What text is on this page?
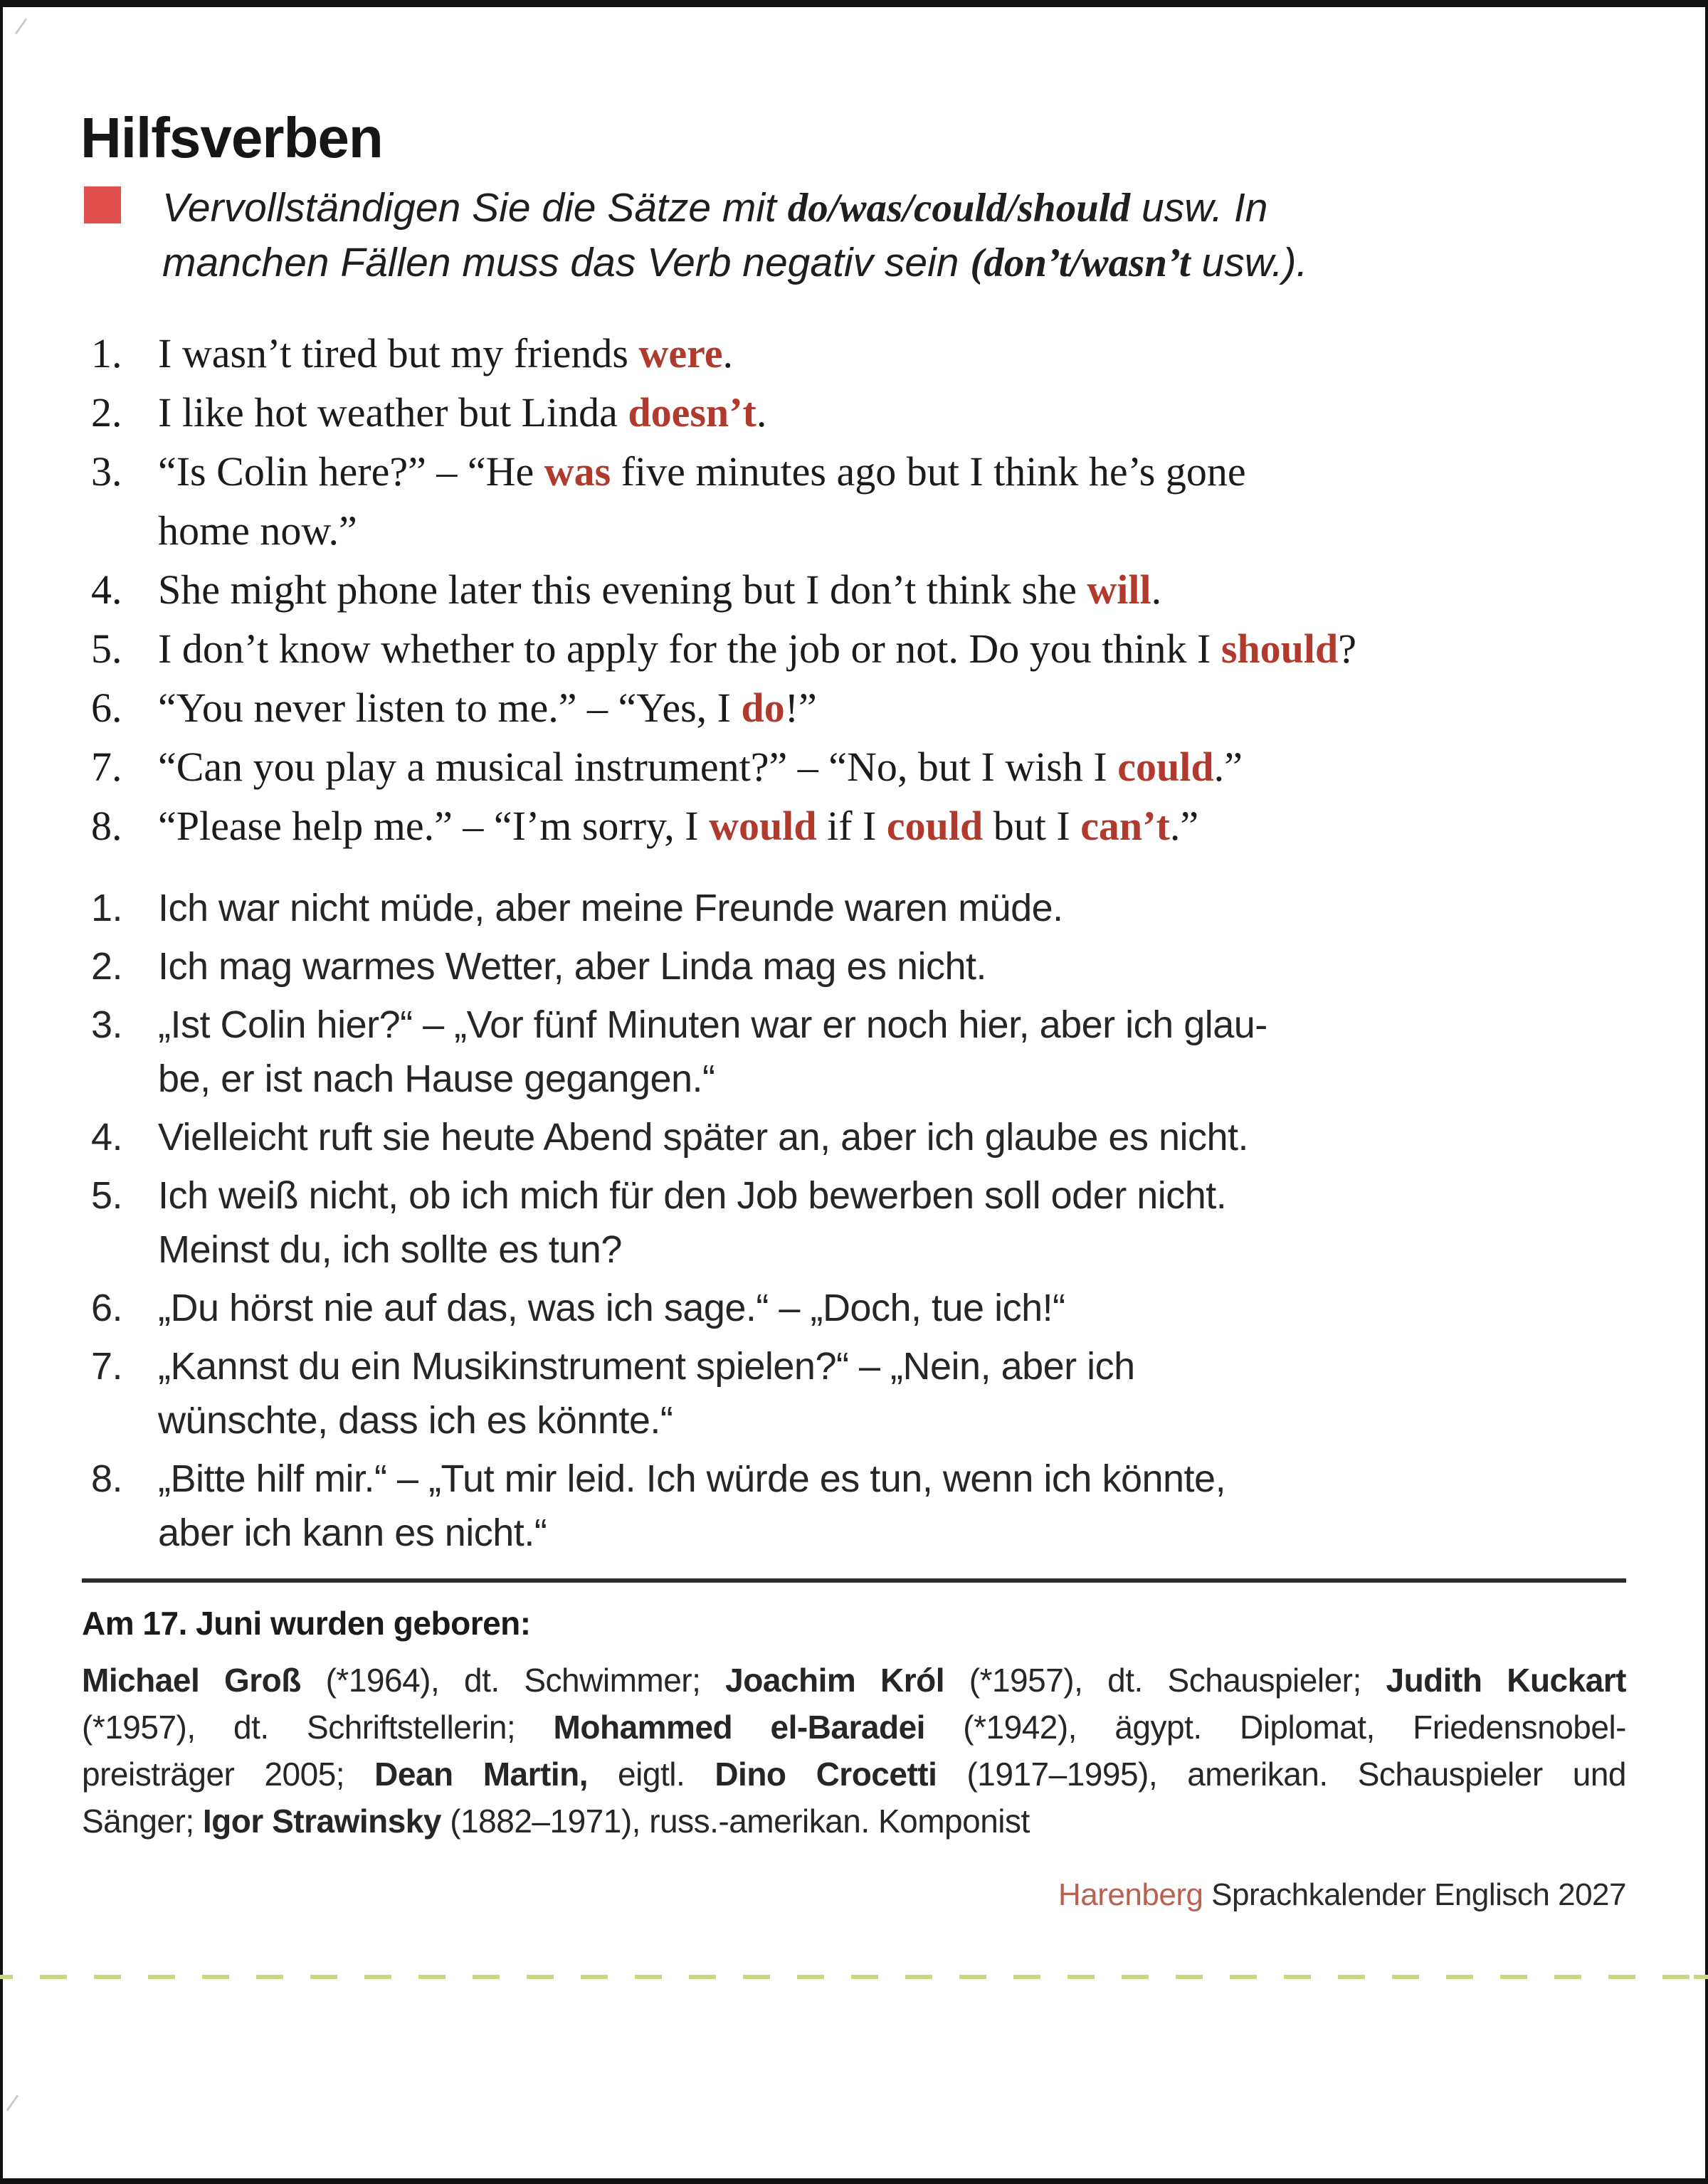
Hilfsverben
Vervollständigen Sie die Sätze mit do/was/could/should usw. In
manchen Fällen muss das Verb negativ sein (don’t/wasn’t usw.).
1. I wasn’t tired but my friends were.
2. I like hot weather but Linda doesn’t.
3. “Is Colin here?” – “He was five minutes ago but I think he’s gone
home now.”
4. She might phone later this evening but I don’t think she will.
5. I don’t know whether to apply for the job or not. Do you think I should?
6. “You never listen to me.” – “Yes, I do!”
7. “Can you play a musical instrument?” – “No, but I wish I could.”
8. “Please help me.” – “I’m sorry, I would if I could but I can’t.”
1. Ich war nicht müde, aber meine Freunde waren müde.
2. Ich mag warmes Wetter, aber Linda mag es nicht.
3. „Ist Colin hier?“ – „Vor fünf Minuten war er noch hier, aber ich glau-
be, er ist nach Hause gegangen.“
4. Vielleicht ruft sie heute Abend später an, aber ich glaube es nicht.
5. Ich weiß nicht, ob ich mich für den Job bewerben soll oder nicht.
Meinst du, ich sollte es tun?
6. „Du hörst nie auf das, was ich sage.“ – „Doch, tue ich!“
7. „Kannst du ein Musikinstrument spielen?“ – „Nein, aber ich
wünschte, dass ich es könnte.“
8. „Bitte hilf mir.“ – „Tut mir leid. Ich würde es tun, wenn ich könnte,
aber ich kann es nicht.“
Am 17. Juni wurden geboren:
Michael Groß (*1964), dt. Schwimmer; Joachim Król (*1957), dt. Schauspieler; Judith Kuckart
(*1957), dt. Schriftstellerin; Mohammed el-Baradei (*1942), ägypt. Diplomat, Friedensnobel-
preisträger 2005; Dean Martin, eigtl. Dino Crocetti (1917–1995), amerikan. Schauspieler und
Sänger; Igor Strawinsky (1882–1971), russ.-amerikan. Komponist
Harenberg Sprachkalender Englisch 2027
